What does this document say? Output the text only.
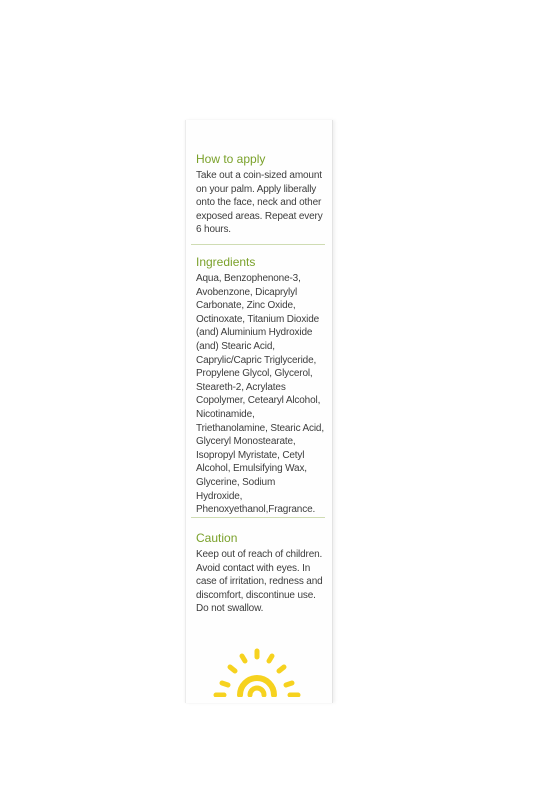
How to apply

Take out a coin-sized amount on your palm. Apply liberally onto the face, neck and other exposed areas. Repeat every 6 hours.

Ingredients

Aqua, Benzophenone-3, Avobenzone, Dicaprylyl Carbonate, Zinc Oxide, Octinoxate, Titanium Dioxide (and) Aluminium Hydroxide (and) Stearic Acid, Caprylic/Capric Triglyceride, Propylene Glycol, Glycerol, Steareth-2, Acrylates Copolymer, Cetearyl Alcohol, Nicotinamide, Triethanolamine, Stearic Acid, Glyceryl Monostearate, Isopropyl Myristate, Cetyl Alcohol, Emulsifying Wax, Glycerine, Sodium Hydroxide, Phenoxyethanol,Fragrance.

Caution

Keep out of reach of children. Avoid contact with eyes. In case of irritation, redness and discomfort, discontinue use. Do not swallow.
